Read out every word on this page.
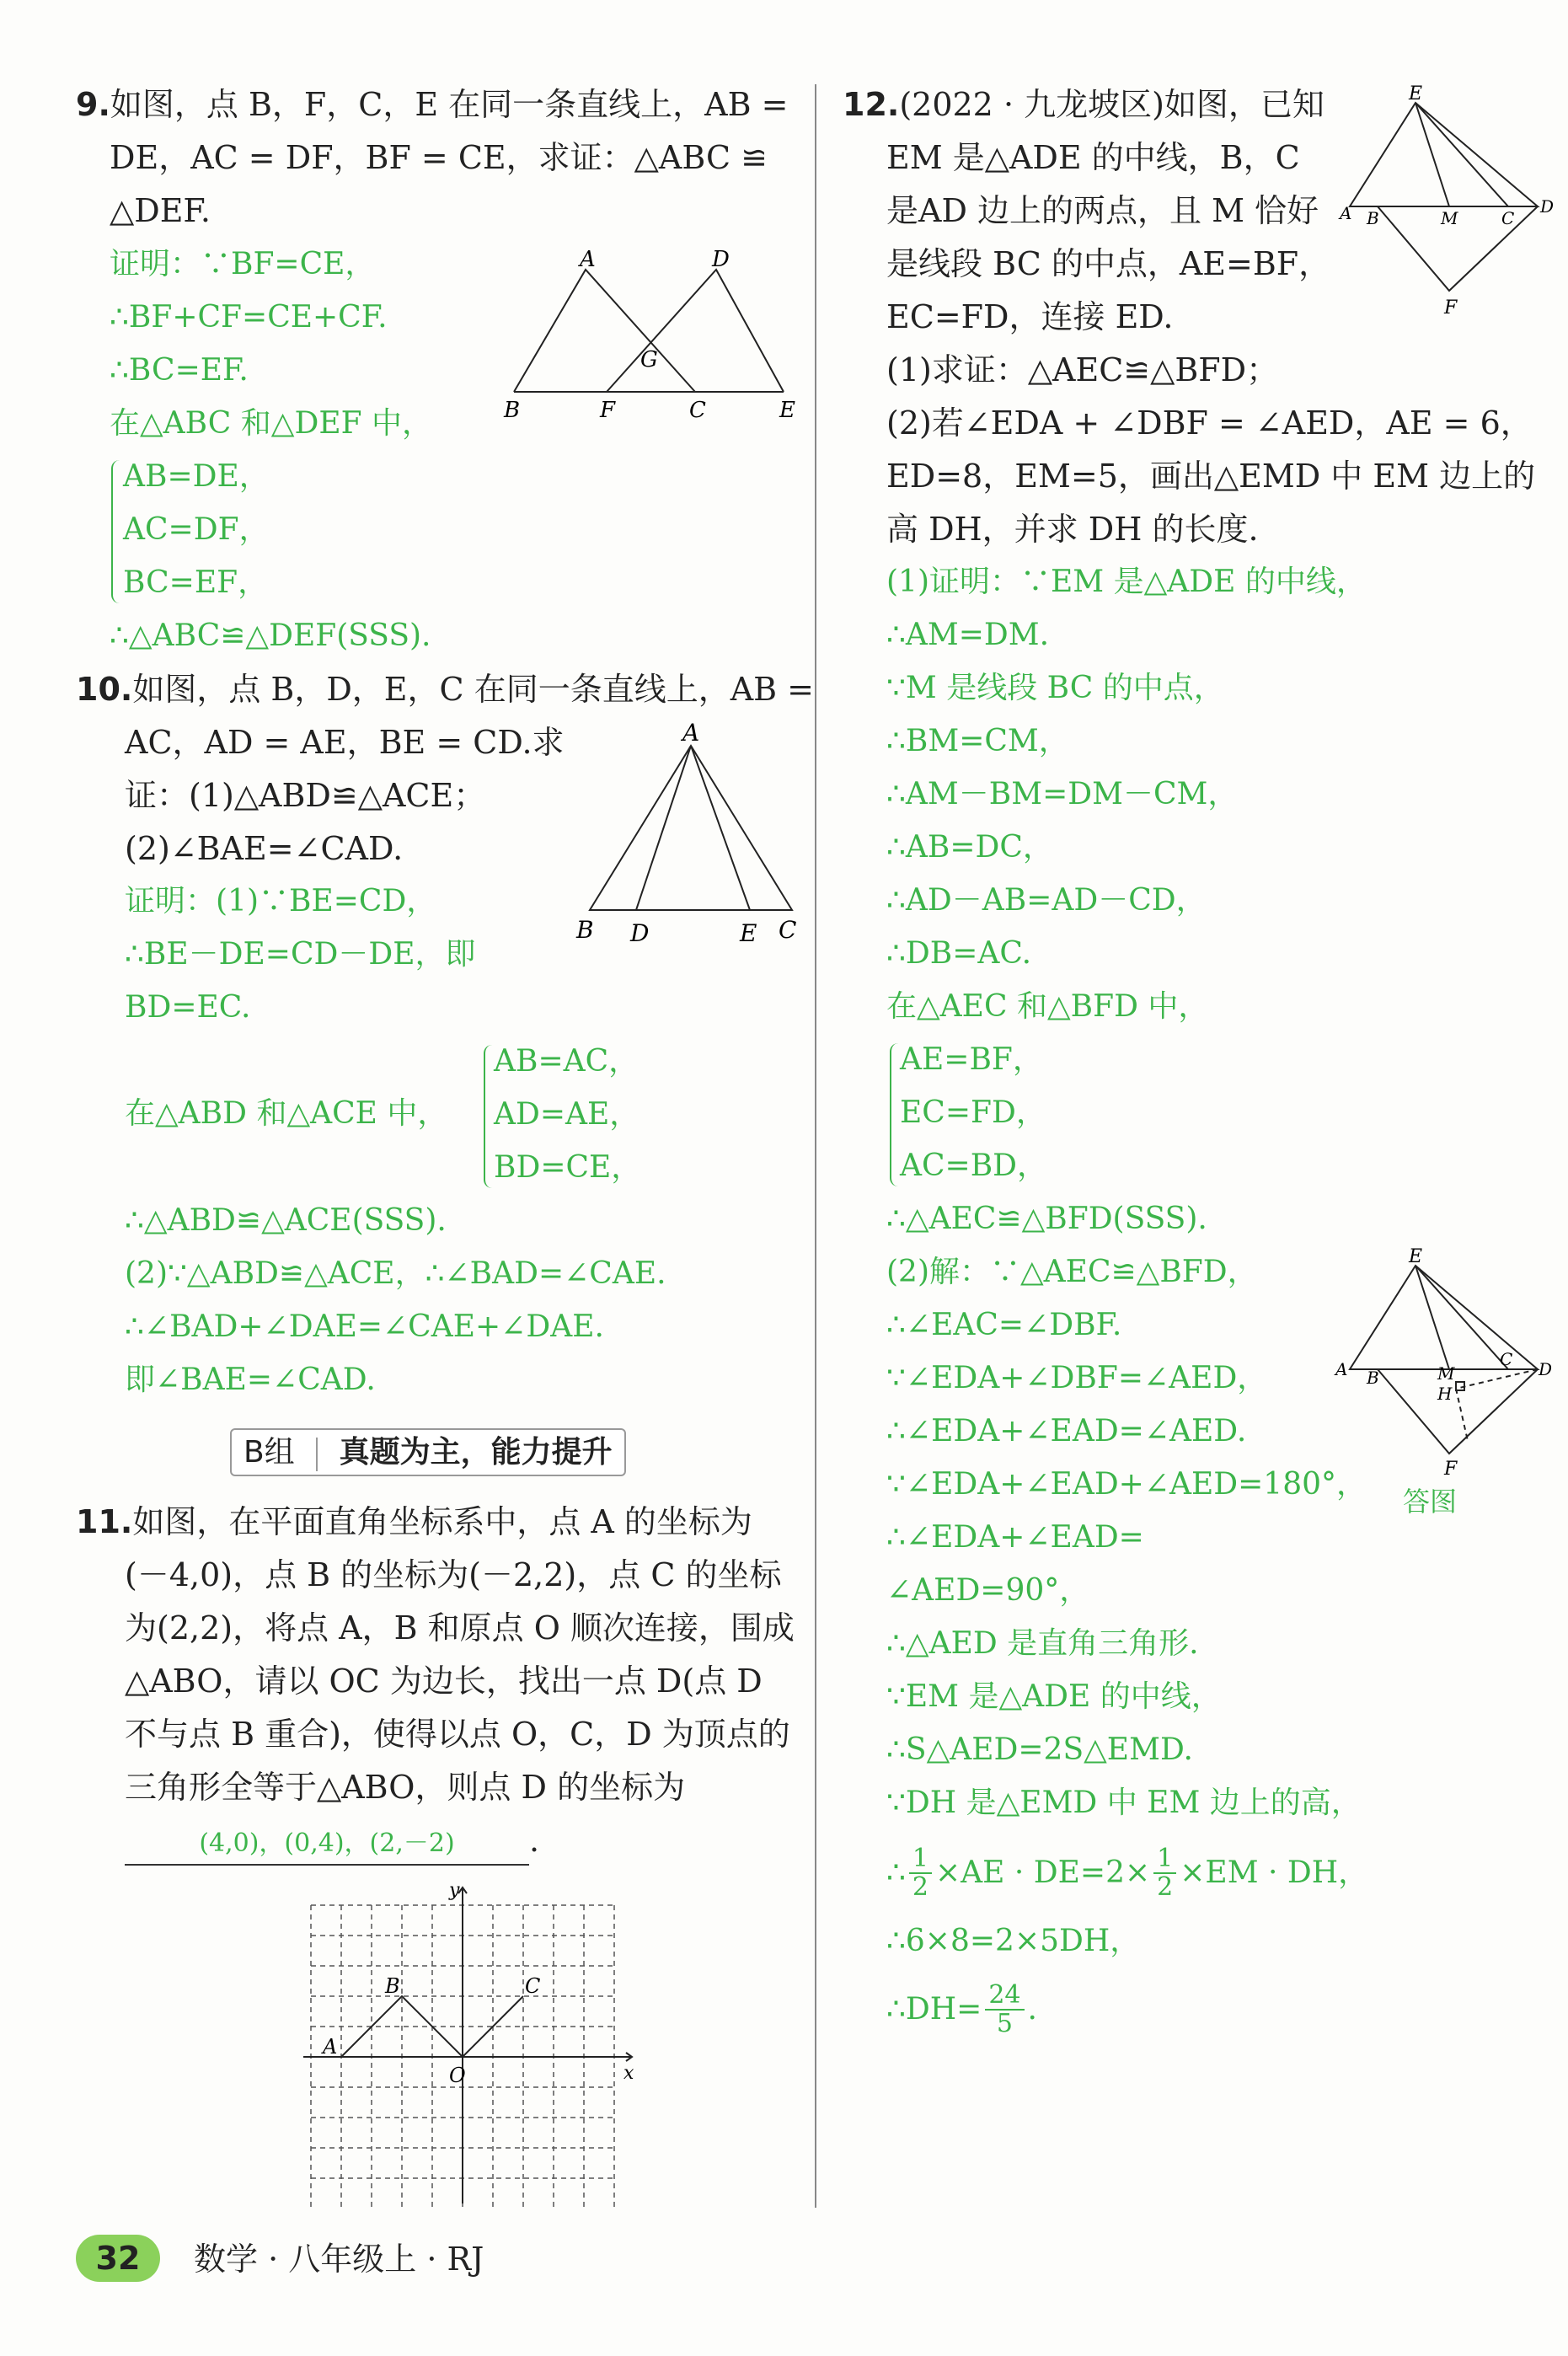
9.如图，点 B，F，C，E 在同一条直线上，AB =
DE，AC = DF，BF = CE，求证：△ABC ≌
△DEF.
证明：∵BF=CE，
∴BF+CF=CE+CF.
∴BC=EF.
在△ABC 和△DEF 中，
AB=DE，
AC=DF，
BC=EF，
∴△ABC≌△DEF(SSS).
A	D
G
B	F	C	E
10.如图，点 B，D，E，C 在同一条直线上，AB =
AC，AD = AE，BE = CD.求
证：(1)△ABD≌△ACE；
(2)∠BAE=∠CAD.
证明：(1)∵BE=CD，
∴BE－DE=CD－DE，即
BD=EC.
在△ABD 和△ACE 中，
AB=AC，
AD=AE，
BD=CE，
∴△ABD≌△ACE(SSS).
(2)∵△ABD≌△ACE，∴∠BAD=∠CAE.
∴∠BAD+∠DAE=∠CAE+∠DAE.
即∠BAE=∠CAD.
A
B D	E C
B组 真题为主，能力提升
11.如图，在平面直角坐标系中，点 A 的坐标为
(－4,0)，点 B 的坐标为(－2,2)，点 C 的坐标
为(2,2)，将点 A，B 和原点 O 顺次连接，围成
△ABO，请以 OC 为边长，找出一点 D(点 D
不与点 B 重合)，使得以点 O，C，D 为顶点的
三角形全等于△ABO，则点 D 的坐标为
(4,0)，(0,4)，(2,－2) .
y
x
O
A
B	C
12.(2022 · 九龙坡区)如图，已知
EM 是△ADE 的中线，B，C
是AD 边上的两点，且 M 恰好
是线段 BC 的中点，AE=BF，
EC=FD，连接 ED.
(1)求证：△AEC≌△BFD；
(2)若∠EDA + ∠DBF = ∠AED，AE = 6，
ED=8，EM=5，画出△EMD 中 EM 边上的
高 DH，并求 DH 的长度.
E
A B	M	C
D
F
(1)证明：∵EM 是△ADE 的中线，
∴AM=DM.
∵M 是线段 BC 的中点，
∴BM=CM，
∴AM－BM=DM－CM，
∴AB=DC，
∴AD－AB=AD－CD，
∴DB=AC.
在△AEC 和△BFD 中，
AE=BF，
EC=FD，
AC=BD，
∴△AEC≌△BFD(SSS).
(2)解：∵△AEC≌△BFD，
∴∠EAC=∠DBF.
∵∠EDA+∠DBF=∠AED，
∴∠EDA+∠EAD=∠AED.
∵∠EDA+∠EAD+∠AED=180°，
∴∠EDA+∠EAD=
∠AED=90°，
∴△AED 是直角三角形.
∵EM 是△ADE 的中线，
∴S△AED=2S△EMD.
∵DH 是△EMD 中 EM 边上的高，
∴ $\frac{1}{2} \times AE \cdot DE=2\times \frac{1}{2} \times EM$ · DH，
∴6×8=2×5DH，
∴DH= $\frac{24}{5}$ .
E
A B	M
H
C D
F
答图
32	数学 · 八年级上 · RJ
